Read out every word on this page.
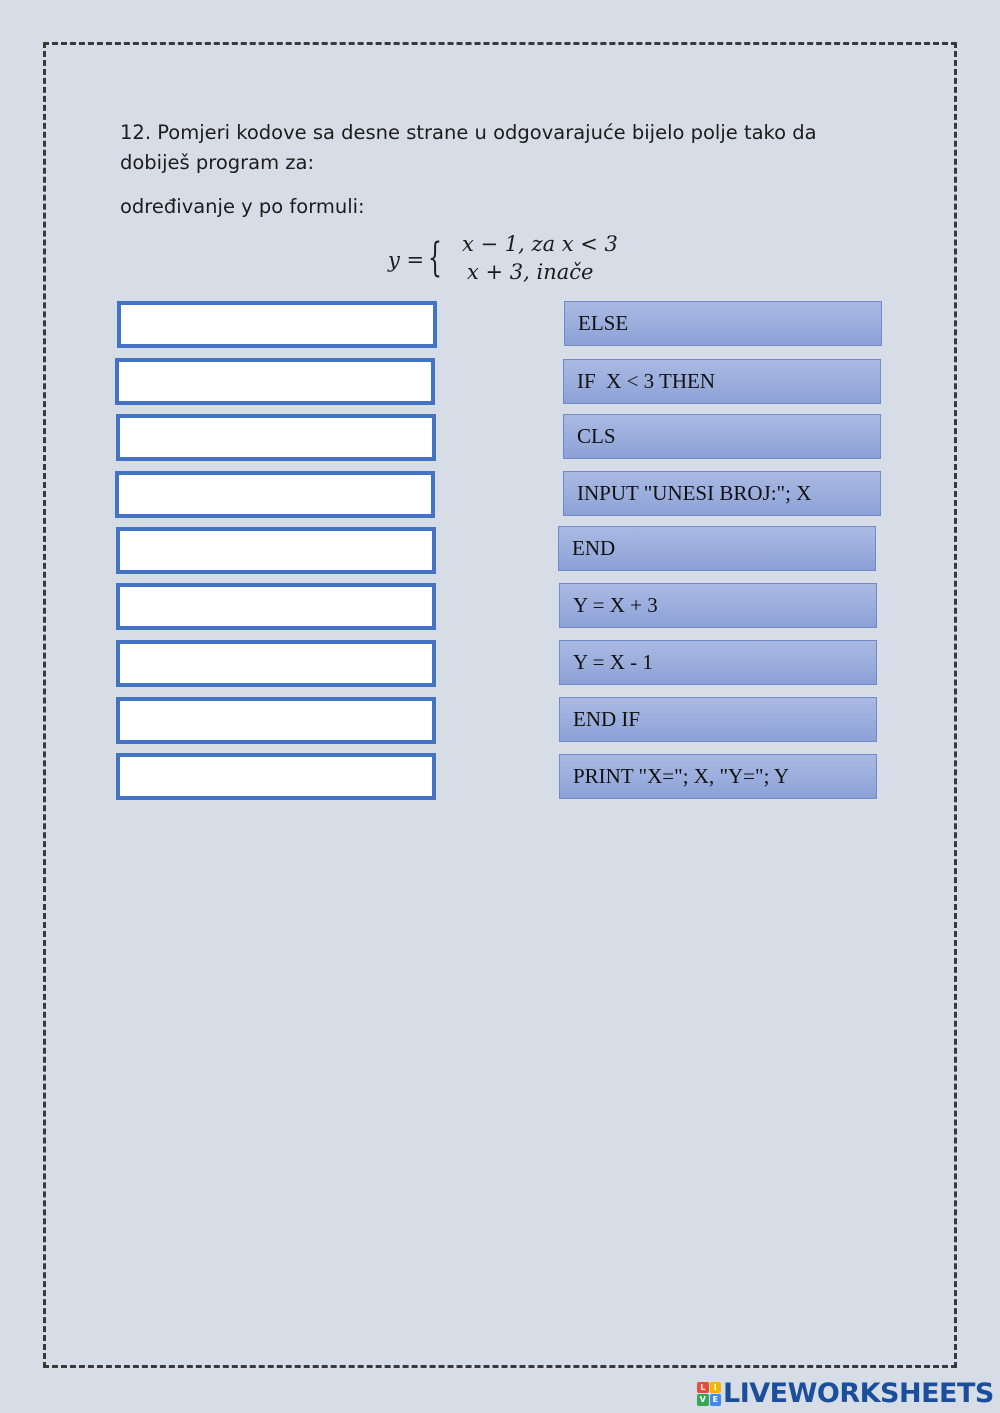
12. Pomjeri kodove sa desne strane u odgovarajuće bijelo polje tako da dobiješ program za:
određivanje y po formuli:
y = { x − 1, za x < 3
x + 3, inače
ELSE
IF  X < 3 THEN
CLS
INPUT "UNESI BROJ:"; X
END
Y = X + 3
Y = X - 1
END IF
PRINT "X="; X, "Y="; Y
L	I
V E LIVEWORKSHEETS
